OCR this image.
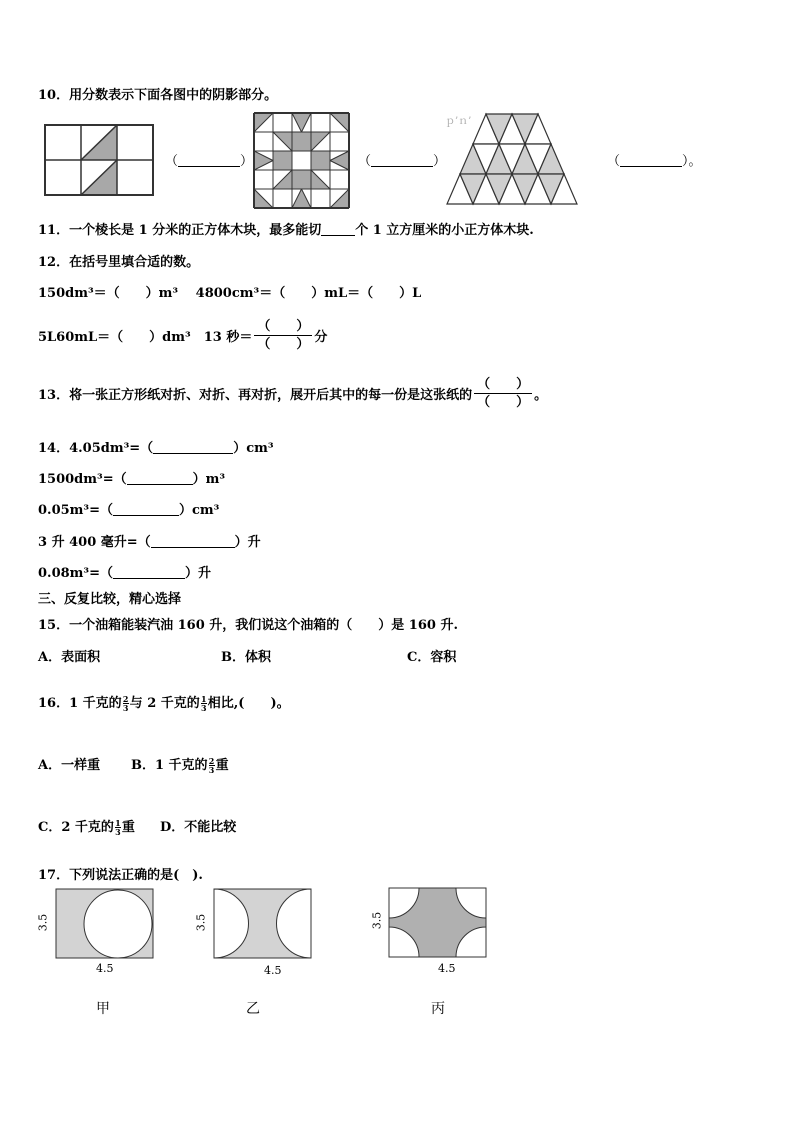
10．用分数表示下面各图中的阴影部分。
（	）	（	）
ｐ’ｎ’
（	）。
11．一个棱长是 1 分米的正方体木块，最多能切	个 1 立方厘米的小正方体木块.
12．在括号里填合适的数。
150dm³＝（　　）m³　 4800cm³＝（　　）mL＝（　　）L
5L60mL＝（　　）dm³　13 秒＝ $\frac{( )}{( )}$ 分
13．将一张正方形纸对折、对折、再对折，展开后其中的每一份是这张纸的 $\frac{( )}{( )}$ 。
14．4.05dm³=（	）cm³
1500dm³=（	）m³
0.05m³=（	）cm³
3 升 400 毫升=（	）升
0.08m³=（	）升
三、反复比较，精心选择
15．一个油箱能装汽油 160 升，我们说这个油箱的（　　）是 160 升.
A．表面积	B．体积	C．容积
16．1 千克的 $\frac{2}{3}$ 与 2 千克的 $\frac{1}{3}$ 相比,(　　)。
A．一样重 B．1 千克的 $\frac{2}{3}$ 重
C．2 千克的 $\frac{1}{3}$ 重 D．不能比较
17．下列说法正确的是(　).
3.5
4.5
甲
3.5
4.5
乙
3.5
4.5
丙
